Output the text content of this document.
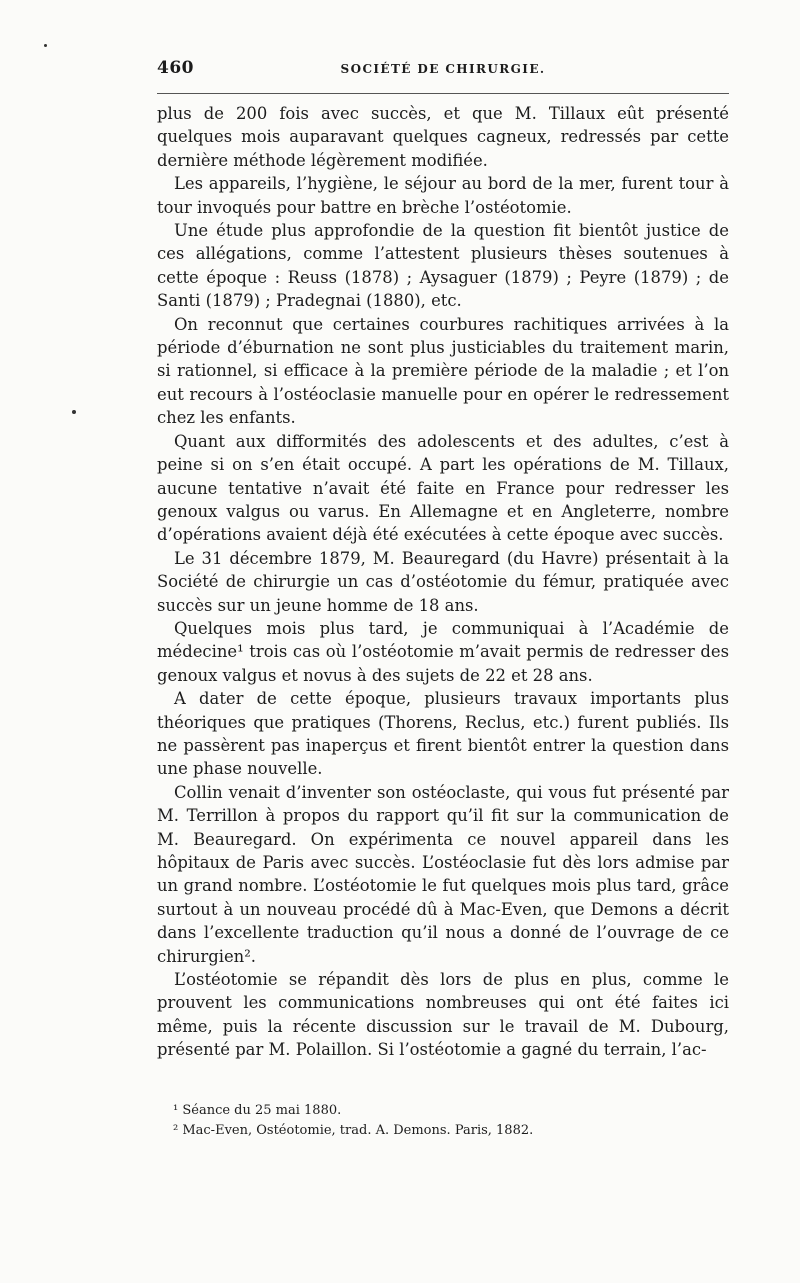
460	SOCIÉTÉ DE CHIRURGIE.

plus de 200 fois avec succès, et que M. Tillaux eût présenté quelques mois auparavant quelques cagneux, redressés par cette dernière méthode légèrement modifiée.

Les appareils, l’hygiène, le séjour au bord de la mer, furent tour à tour invoqués pour battre en brèche l’ostéotomie.

Une étude plus approfondie de la question fit bientôt justice de ces allégations, comme l’attestent plusieurs thèses soutenues à cette époque : Reuss (1878) ; Aysaguer (1879) ; Peyre (1879) ; de Santi (1879) ; Pradegnai (1880), etc.

On reconnut que certaines courbures rachitiques arrivées à la période d’éburnation ne sont plus justiciables du traitement marin, si rationnel, si efficace à la première période de la maladie ; et l’on eut recours à l’ostéoclasie manuelle pour en opérer le redressement chez les enfants.

Quant aux difformités des adolescents et des adultes, c’est à peine si on s’en était occupé. A part les opérations de M. Tillaux, aucune tentative n’avait été faite en France pour redresser les genoux valgus ou varus. En Allemagne et en Angleterre, nombre d’opérations avaient déjà été exécutées à cette époque avec succès.

Le 31 décembre 1879, M. Beauregard (du Havre) présentait à la Société de chirurgie un cas d’ostéotomie du fémur, pratiquée avec succès sur un jeune homme de 18 ans.

Quelques mois plus tard, je communiquai à l’Académie de médecine¹ trois cas où l’ostéotomie m’avait permis de redresser des genoux valgus et novus à des sujets de 22 et 28 ans.

A dater de cette époque, plusieurs travaux importants plus théoriques que pratiques (Thorens, Reclus, etc.) furent publiés. Ils ne passèrent pas inaperçus et firent bientôt entrer la question dans une phase nouvelle.

Collin venait d’inventer son ostéoclaste, qui vous fut présenté par M. Terrillon à propos du rapport qu’il fit sur la communication de M. Beauregard. On expérimenta ce nouvel appareil dans les hôpitaux de Paris avec succès. L’ostéoclasie fut dès lors admise par un grand nombre. L’ostéotomie le fut quelques mois plus tard, grâce surtout à un nouveau procédé dû à Mac-Even, que Demons a décrit dans l’excellente traduction qu’il nous a donné de l’ouvrage de ce chirurgien².

L’ostéotomie se répandit dès lors de plus en plus, comme le prouvent les communications nombreuses qui ont été faites ici même, puis la récente discussion sur le travail de M. Dubourg, présenté par M. Polaillon. Si l’ostéotomie a gagné du terrain, l’ac-

¹ Séance du 25 mai 1880.
² Mac-Even, Ostéotomie, trad. A. Demons. Paris, 1882.
